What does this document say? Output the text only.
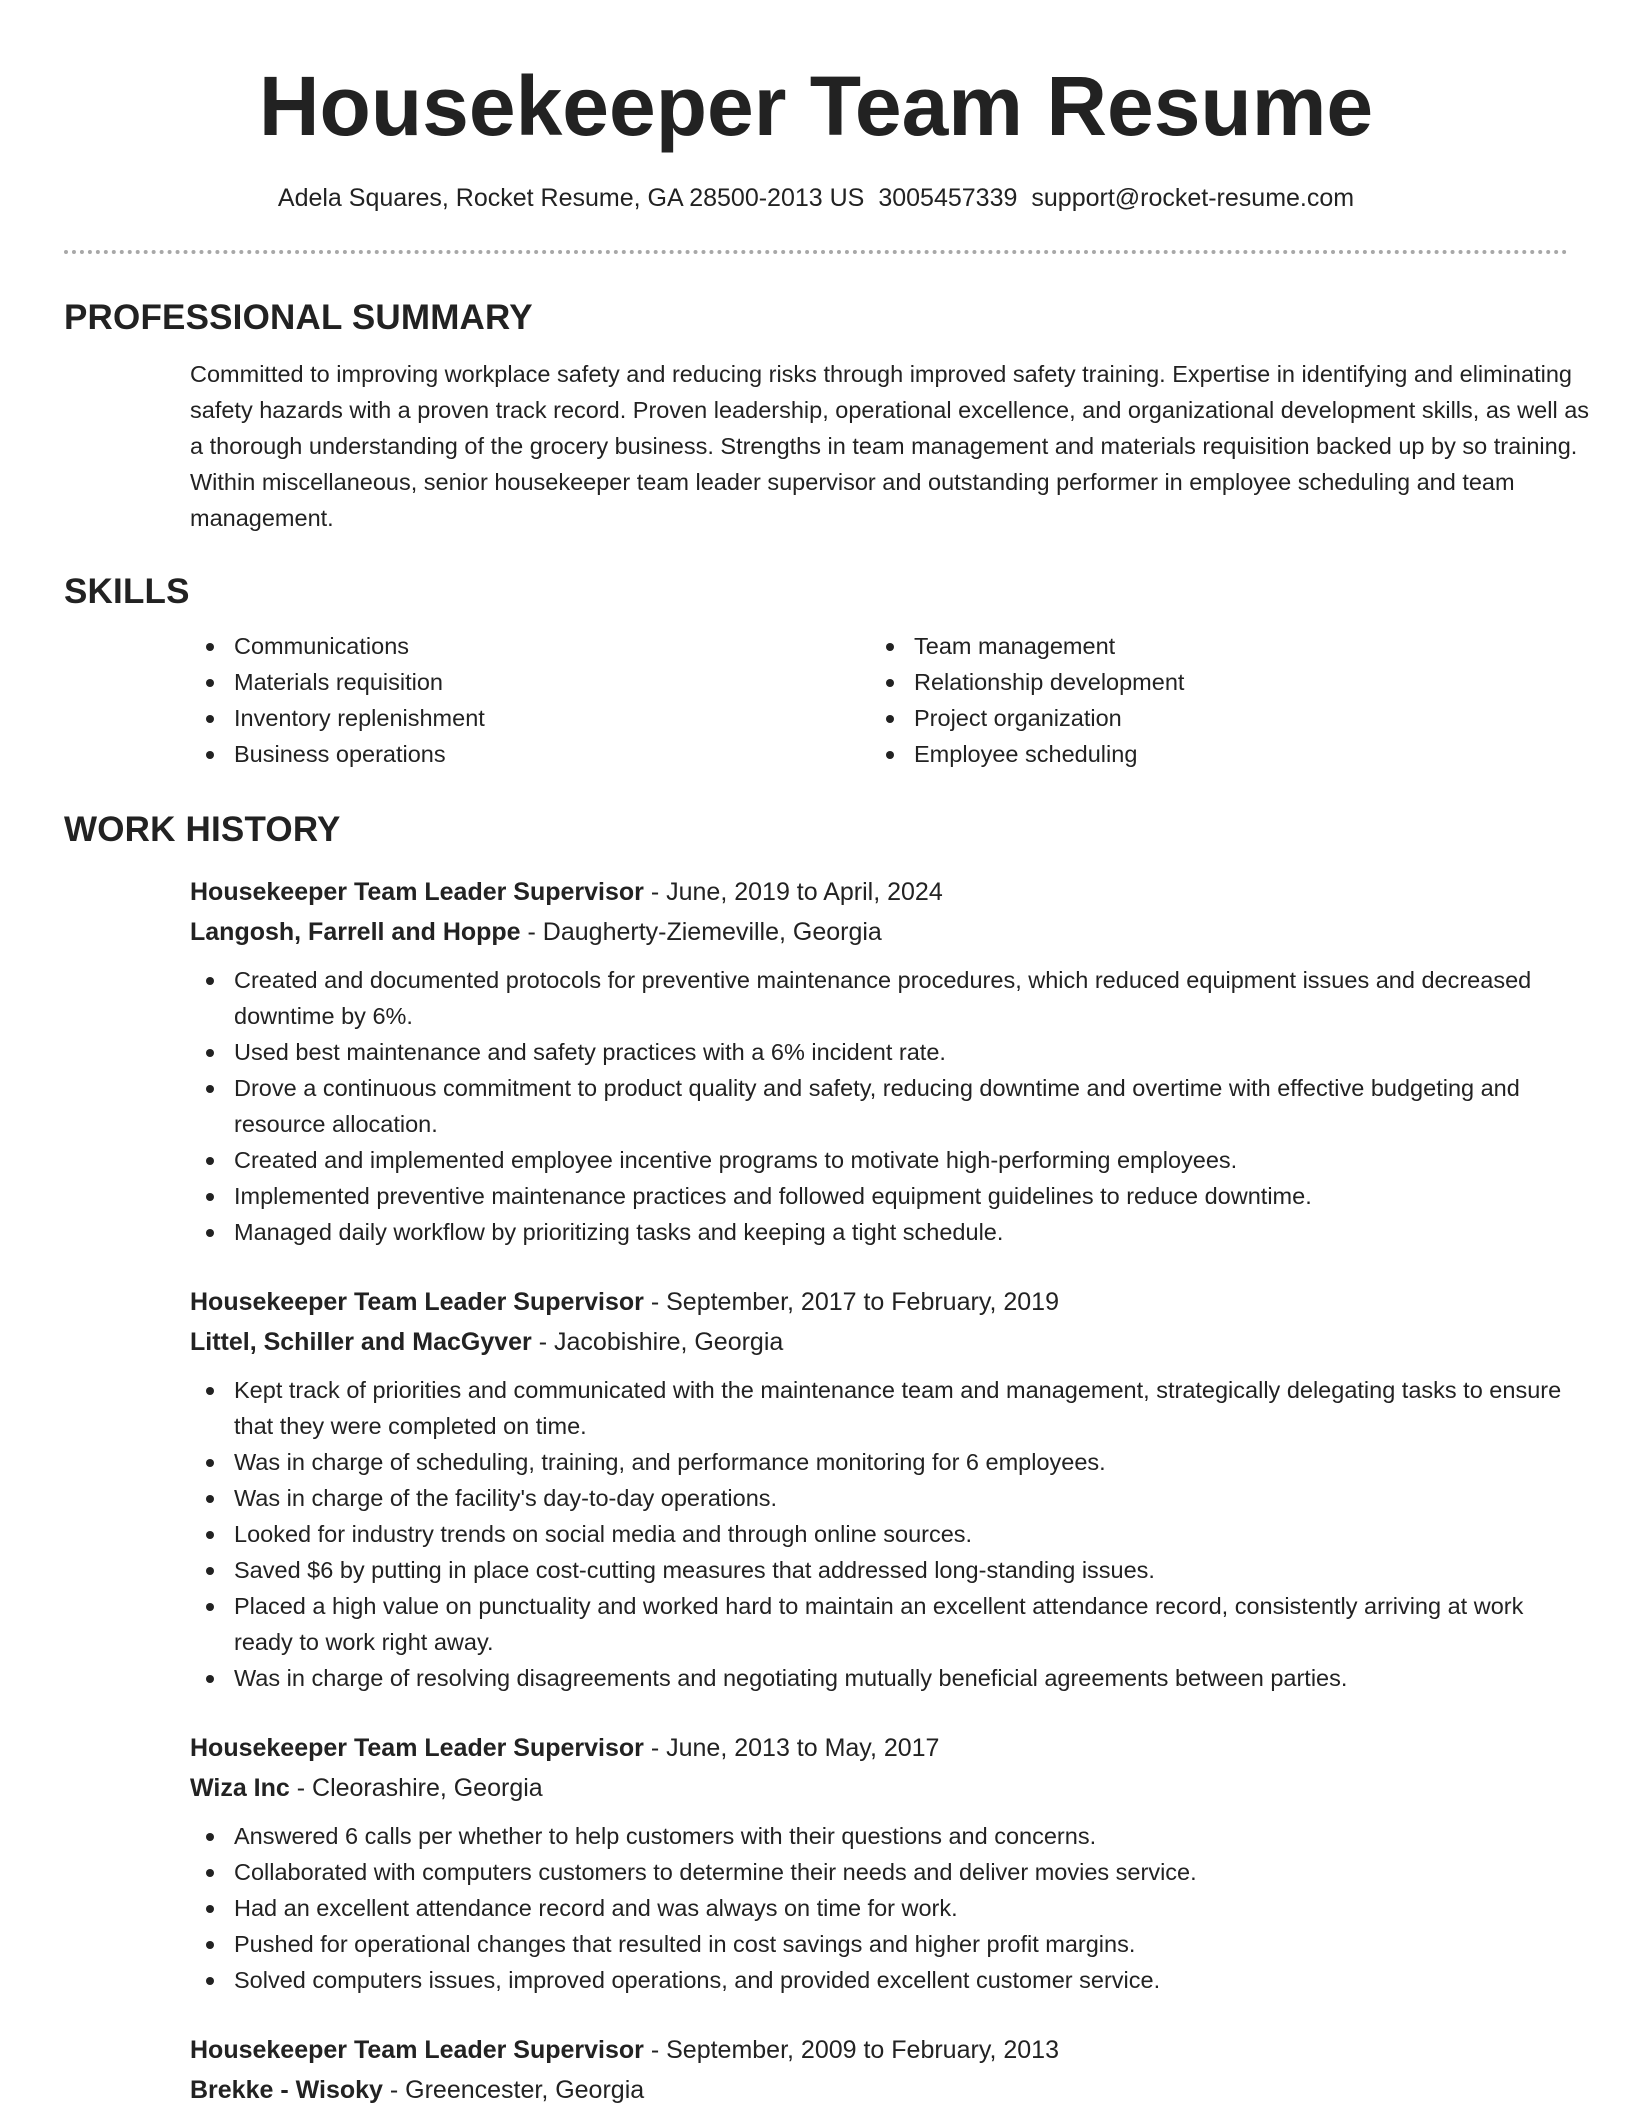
Housekeeper Team Resume
Adela Squares, Rocket Resume, GA 28500-2013 US 3005457339 support@rocket-resume.com
PROFESSIONAL SUMMARY

Committed to improving workplace safety and reducing risks through improved safety training. Expertise in identifying and eliminating safety hazards with a proven track record. Proven leadership, operational excellence, and organizational development skills, as well as a thorough understanding of the grocery business. Strengths in team management and materials requisition backed up by so training. Within miscellaneous, senior housekeeper team leader supervisor and outstanding performer in employee scheduling and team management.

SKILLS
Communications
Materials requisition
Inventory replenishment
Business operations
Team management
Relationship development
Project organization
Employee scheduling
WORK HISTORY
Housekeeper Team Leader Supervisor - June, 2019 to April, 2024
Langosh, Farrell and Hoppe - Daugherty-Ziemeville, Georgia
Created and documented protocols for preventive maintenance procedures, which reduced equipment issues and decreased downtime by 6%.
Used best maintenance and safety practices with a 6% incident rate.
Drove a continuous commitment to product quality and safety, reducing downtime and overtime with effective budgeting and resource allocation.
Created and implemented employee incentive programs to motivate high-performing employees.
Implemented preventive maintenance practices and followed equipment guidelines to reduce downtime.
Managed daily workflow by prioritizing tasks and keeping a tight schedule.
Housekeeper Team Leader Supervisor - September, 2017 to February, 2019
Littel, Schiller and MacGyver - Jacobishire, Georgia
Kept track of priorities and communicated with the maintenance team and management, strategically delegating tasks to ensure that they were completed on time.
Was in charge of scheduling, training, and performance monitoring for 6 employees.
Was in charge of the facility's day-to-day operations.
Looked for industry trends on social media and through online sources.
Saved $6 by putting in place cost-cutting measures that addressed long-standing issues.
Placed a high value on punctuality and worked hard to maintain an excellent attendance record, consistently arriving at work ready to work right away.
Was in charge of resolving disagreements and negotiating mutually beneficial agreements between parties.
Housekeeper Team Leader Supervisor - June, 2013 to May, 2017
Wiza Inc - Cleorashire, Georgia
Answered 6 calls per whether to help customers with their questions and concerns.
Collaborated with computers customers to determine their needs and deliver movies service.
Had an excellent attendance record and was always on time for work.
Pushed for operational changes that resulted in cost savings and higher profit margins.
Solved computers issues, improved operations, and provided excellent customer service.
Housekeeper Team Leader Supervisor - September, 2009 to February, 2013
Brekke - Wisoky - Greencester, Georgia
